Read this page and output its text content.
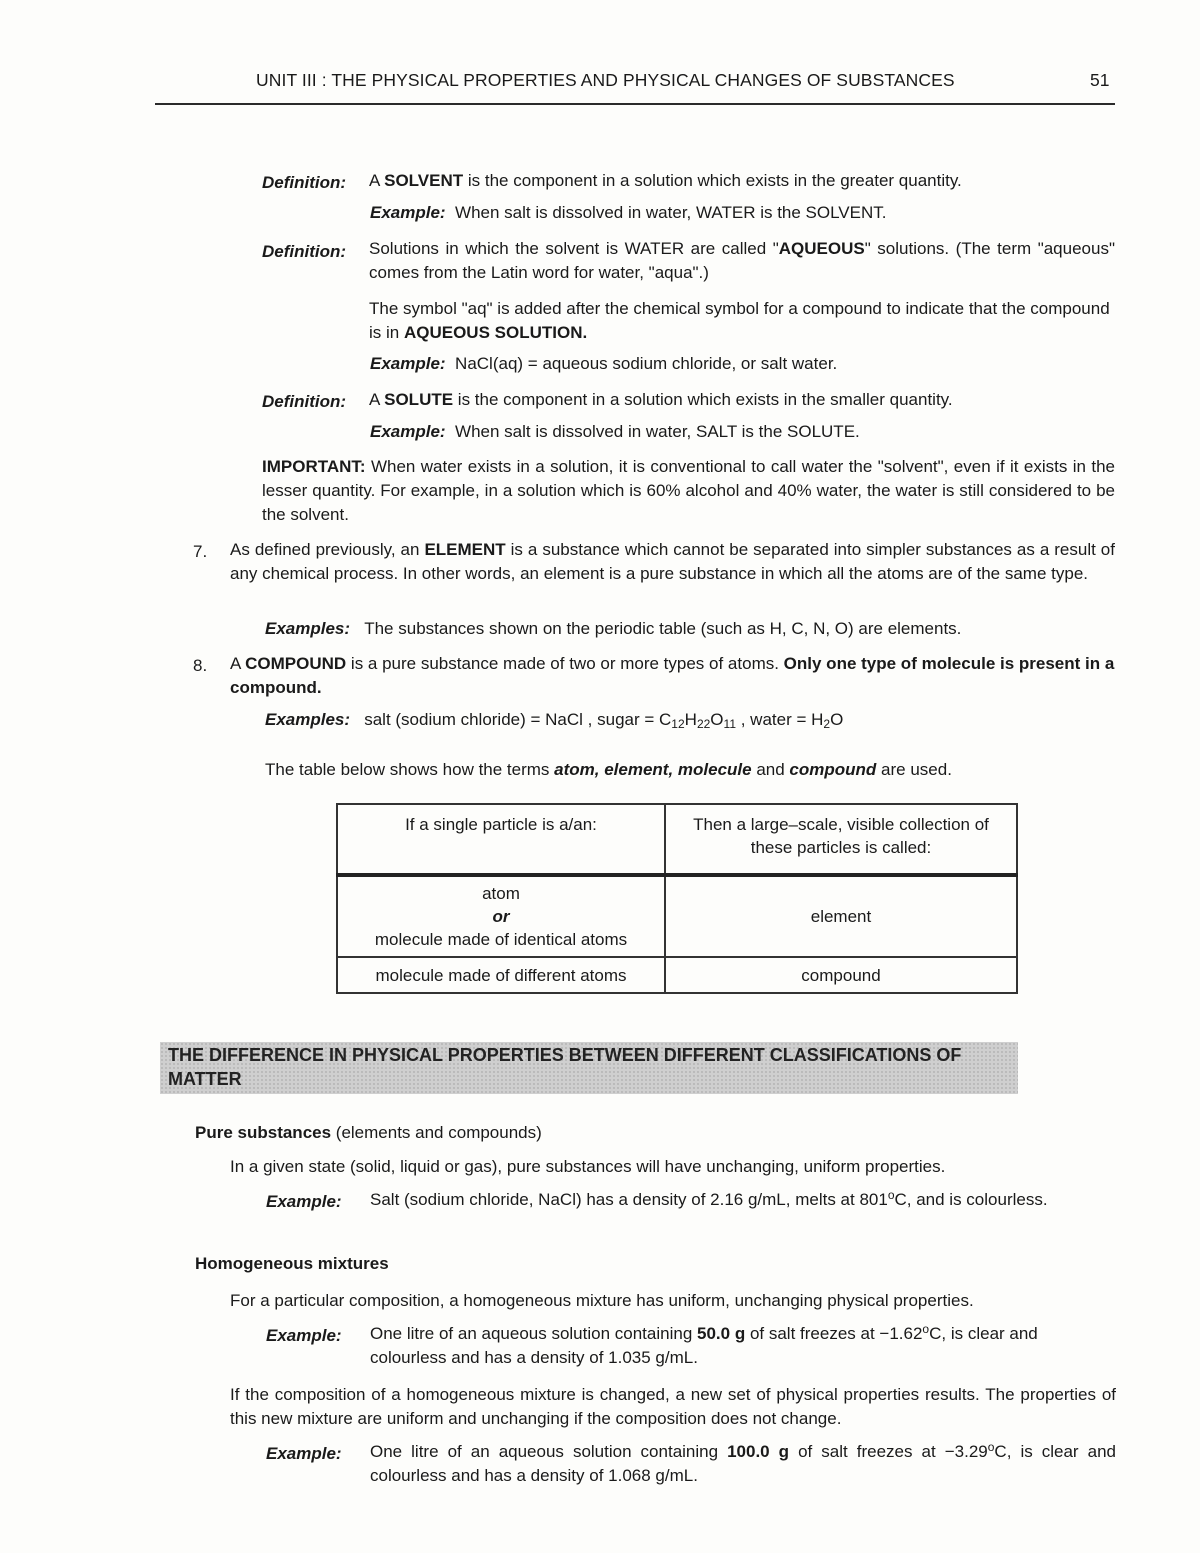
UNIT III : THE PHYSICAL PROPERTIES AND PHYSICAL CHANGES OF SUBSTANCES	51
Definition:	A SOLVENT is the component in a solution which exists in the greater quantity.
Example: When salt is dissolved in water, WATER is the SOLVENT.
Definition:	Solutions in which the solvent is WATER are called "AQUEOUS" solutions. (The term "aqueous" comes from the Latin word for water, "aqua".)
The symbol "aq" is added after the chemical symbol for a compound to indicate that the compound is in AQUEOUS SOLUTION.
Example: NaCl(aq) = aqueous sodium chloride, or salt water.
Definition:	A SOLUTE is the component in a solution which exists in the smaller quantity.
Example: When salt is dissolved in water, SALT is the SOLUTE.
IMPORTANT: When water exists in a solution, it is conventional to call water the "solvent", even if it exists in the lesser quantity. For example, in a solution which is 60% alcohol and 40% water, the water is still considered to be the solvent.
7. As defined previously, an ELEMENT is a substance which cannot be separated into simpler substances as a result of any chemical process. In other words, an element is a pure substance in which all the atoms are of the same type.
Examples: The substances shown on the periodic table (such as H, C, N, O) are elements.
8. A COMPOUND is a pure substance made of two or more types of atoms. Only one type of molecule is present in a compound.
Examples: salt (sodium chloride) = NaCl , sugar = $C_{12}H_{22}O_{11}$ , water = $H_2O$
The table below shows how the terms atom, element, molecule and compound are used.
If a single particle is a/an:	Then a large–scale, visible collection of these particles is called:

atom
or
molecule made of identical atoms	element
molecule made of different atoms	compound
THE DIFFERENCE IN PHYSICAL PROPERTIES BETWEEN DIFFERENT CLASSIFICATIONS OF MATTER
Pure substances (elements and compounds)
In a given state (solid, liquid or gas), pure substances will have unchanging, uniform properties.
Example:	Salt (sodium chloride, NaCl) has a density of 2.16 g/mL, melts at 801$^o$C, and is colourless.
Homogeneous mixtures
For a particular composition, a homogeneous mixture has uniform, unchanging physical properties.
Example:	One litre of an aqueous solution containing 50.0 g of salt freezes at $-1.62^oC$, is clear and colourless and has a density of 1.035 g/mL.
If the composition of a homogeneous mixture is changed, a new set of physical properties results. The properties of this new mixture are uniform and unchanging if the composition does not change.
Example:	One litre of an aqueous solution containing 100.0 g of salt freezes at $-3.29^oC$, is clear and colourless and has a density of 1.068 g/mL.
